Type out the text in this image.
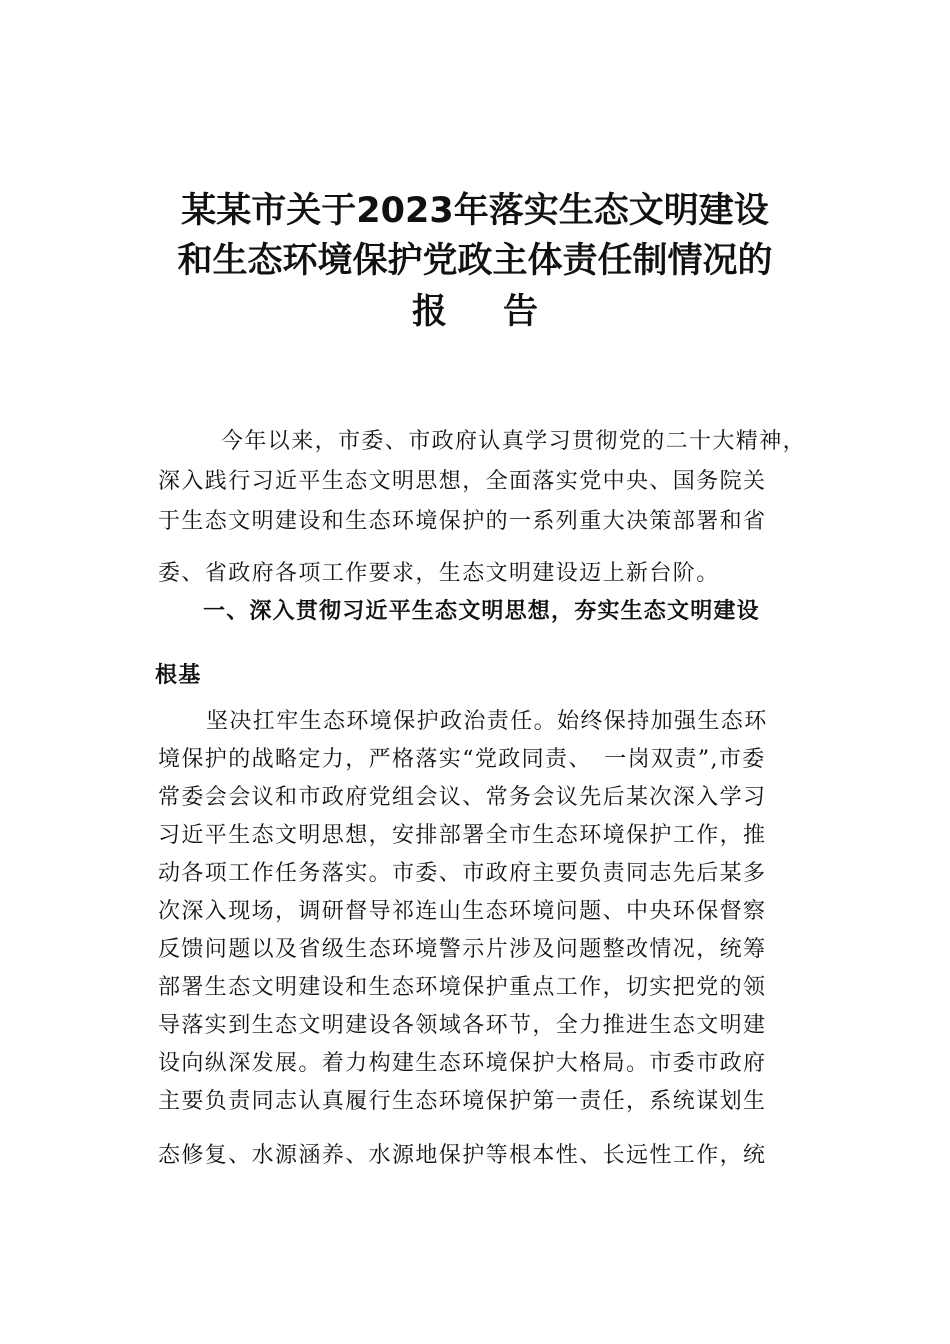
某某市关于2023年落实生态文明建设
和生态环境保护党政主体责任制情况的
报告
今年以来，市委、市政府认真学习贯彻党的二十大精神，
深入践行习近平生态文明思想，全面落实党中央、国务院关
于生态文明建设和生态环境保护的一系列重大决策部署和省
委、省政府各项工作要求，生态文明建设迈上新台阶。
一、深入贯彻习近平生态文明思想，夯实生态文明建设
根基
坚决扛牢生态环境保护政治责任。始终保持加强生态环
境保护的战略定力，严格落实“党政同责、　一岗双责”,市委
常委会会议和市政府党组会议、常务会议先后某次深入学习
习近平生态文明思想，安排部署全市生态环境保护工作，推
动各项工作任务落实。市委、市政府主要负责同志先后某多
次深入现场，调研督导祁连山生态环境问题、中央环保督察
反馈问题以及省级生态环境警示片涉及问题整改情况，统筹
部署生态文明建设和生态环境保护重点工作，切实把党的领
导落实到生态文明建设各领域各环节，全力推进生态文明建
设向纵深发展。着力构建生态环境保护大格局。市委市政府
主要负责同志认真履行生态环境保护第一责任，系统谋划生
态修复、水源涵养、水源地保护等根本性、长远性工作，统
